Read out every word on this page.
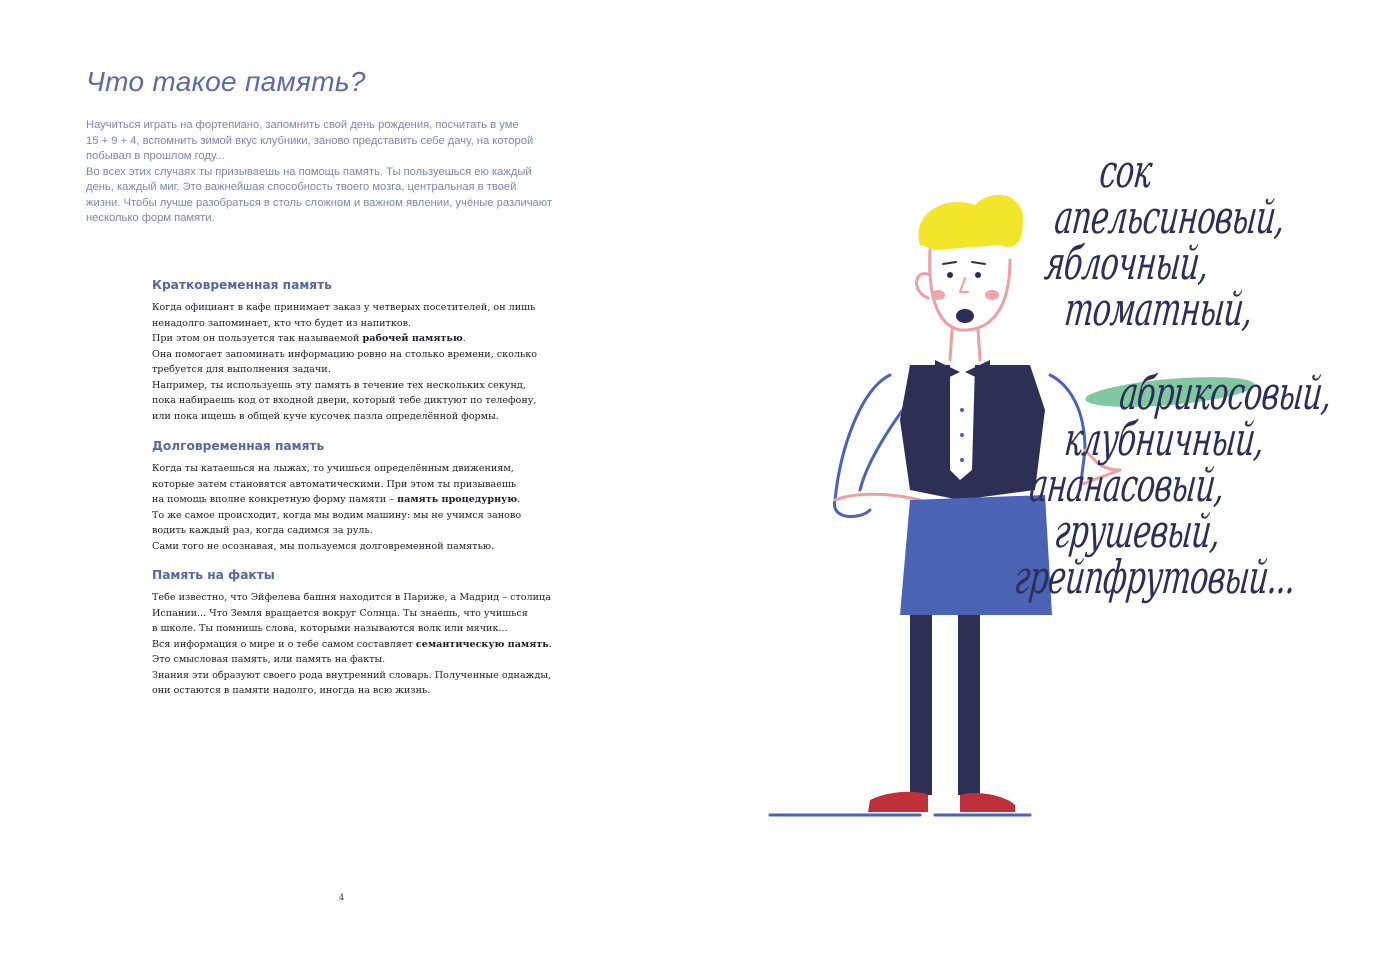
Что такое память?
Научиться играть на фортепиано, запомнить свой день рождения, посчитать в уме
15 + 9 + 4, вспомнить зимой вкус клубники, заново представить себе дачу, на которой
побывал в прошлом году...
Во всех этих случаях ты призываешь на помощь память. Ты пользуешься ею каждый
день, каждый миг. Это важнейшая способность твоего мозга, центральная в твоей
жизни. Чтобы лучше разобраться в столь сложном и важном явлении, учёные различают
несколько форм памяти.
Кратковременная память
Когда официант в кафе принимает заказ у четверых посетителей, он лишь
ненадолго запоминает, кто что будет из напитков.
При этом он пользуется так называемой рабочей памятью.
Она помогает запоминать информацию ровно на столько времени, сколько
требуется для выполнения задачи.
Например, ты используешь эту память в течение тех нескольких секунд,
пока набираешь код от входной двери, который тебе диктуют по телефону,
или пока ищешь в общей куче кусочек пазла определённой формы.
Долговременная память
Когда ты катаешься на лыжах, то учишься определённым движениям,
которые затем становятся автоматическими. При этом ты призываешь
на помощь вполне конкретную форму памяти – память процедурную.
То же самое происходит, когда мы водим машину: мы не учимся заново
водить каждый раз, когда садимся за руль.
Сами того не осознавая, мы пользуемся долговременной памятью.
Память на факты
Тебе известно, что Эйфелева башня находится в Париже, а Мадрид – столица
Испании... Что Земля вращается вокруг Солнца. Ты знаешь, что учишься
в школе. Ты помнишь слова, которыми называются волк или мячик...
Вся информация о мире и о тебе самом составляет семантическую память.
Это смысловая память, или память на факты.
Знания эти образуют своего рода внутренний словарь. Полученные однажды,
они остаются в памяти надолго, иногда на всю жизнь.
4
сок
апельсиновый,
яблочный,
томатный,
абрикосовый,
клубничный,
ананасовый,
грушевый,
грейпфрутовый...
